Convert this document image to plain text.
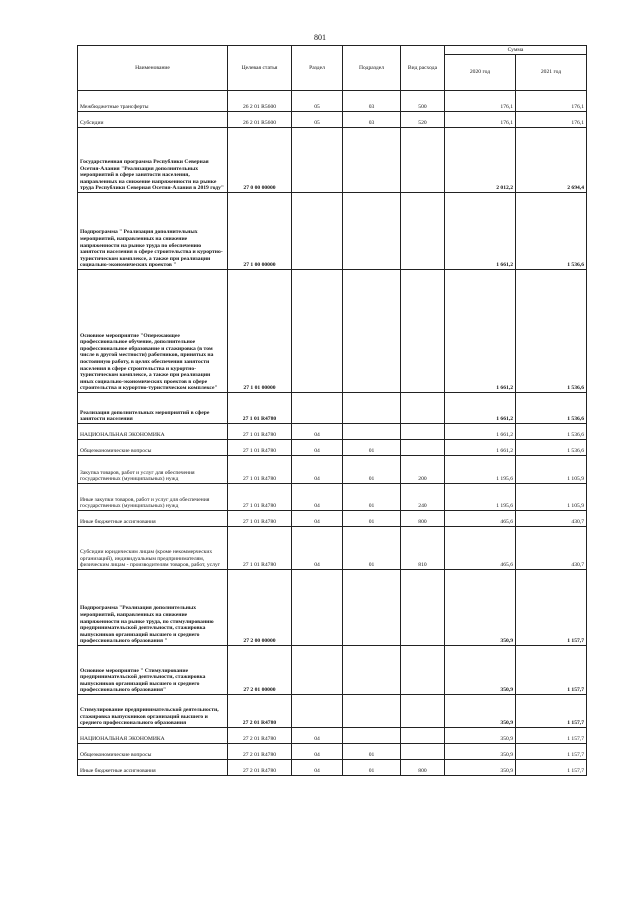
801
Наименование	Целевая статья	Раздел	Подраздел	Вид расхода	Сумма	
					2020 год	2021 год
Межбюджетные трансферты	26 2 01 R5600	05	03	500	176,1	176,1
Субсидии	26 2 01 R5600	05	03	520	176,1	176,1
Государственная программа Республики Северная Осетия-Алания "Реализация дополнительных мероприятий в сфере занятости населения, направленных на снижение напряженности на рынке труда Республики Северная Осетия-Алания в 2019 году"	27 0 00 00000				2 012,2	2 694,4
Подпрограмма " Реализация дополнительных мероприятий, направленных на снижение напряженности на рынке труда по обеспечению занятости населения в сфере строительства и курортно-туристическом комплексе, а также при реализации социально-экономических проектов "	27 1 00 00000				1 661,2	1 536,6
Основное мероприятие "Опережающее профессиональное обучение, дополнительное профессиональное образование и стажировка (в том числе в другой местности) работников, принятых на постоянную работу, в целях обеспечения занятости населения в сфере строительства и курортно-туристическом комплексе, а также при реализации иных социально-экономических проектов в сфере строительства и курортно-туристическом комплексе"	27 1 01 00000				1 661,2	1 536,6
Реализация дополнительных мероприятий в сфере занятости населения	27 1 01 R4780				1 661,2	1 536,6
НАЦИОНАЛЬНАЯ ЭКОНОМИКА	27 1 01 R4780	04			1 661,2	1 536,6
Общеэкономические вопросы	27 1 01 R4780	04	01		1 661,2	1 536,6
Закупка товаров, работ и услуг для обеспечения государственных (муниципальных) нужд	27 1 01 R4780	04	01	200	1 195,6	1 105,9
Иные закупки товаров, работ и услуг для обеспечения государственных (муниципальных) нужд	27 1 01 R4780	04	01	240	1 195,6	1 105,9
Иные бюджетные ассигнования	27 1 01 R4780	04	01	800	465,6	430,7
Субсидии юридическим лицам (кроме некоммерческих организаций), индивидуальным предпринимателям, физическим лицам - производителям товаров, работ, услуг	27 1 01 R4780	04	01	810	465,6	430,7
Подпрограмма "Реализация дополнительных мероприятий, направленных на снижение напряженности на рынке труда, по стимулированию предпринимательской деятельности, стажировка выпускников организаций высшего и среднего профессионального образования "	27 2 00 00000				350,9	1 157,7
Основное мероприятие " Стимулирование предпринимательской деятельности, стажировка выпускников организаций высшего и среднего профессионального образования"	27 2 01 00000				350,9	1 157,7
Стимулирование предпринимательской деятельности, стажировка выпускников организаций высшего и среднего профессионального образования	27 2 01 R4780				350,9	1 157,7
НАЦИОНАЛЬНАЯ ЭКОНОМИКА	27 2 01 R4780	04			350,9	1 157,7
Общеэкономические вопросы	27 2 01 R4780	04	01		350,9	1 157,7
Иные бюджетные ассигнования	27 2 01 R4780	04	01	800	350,9	1 157,7
